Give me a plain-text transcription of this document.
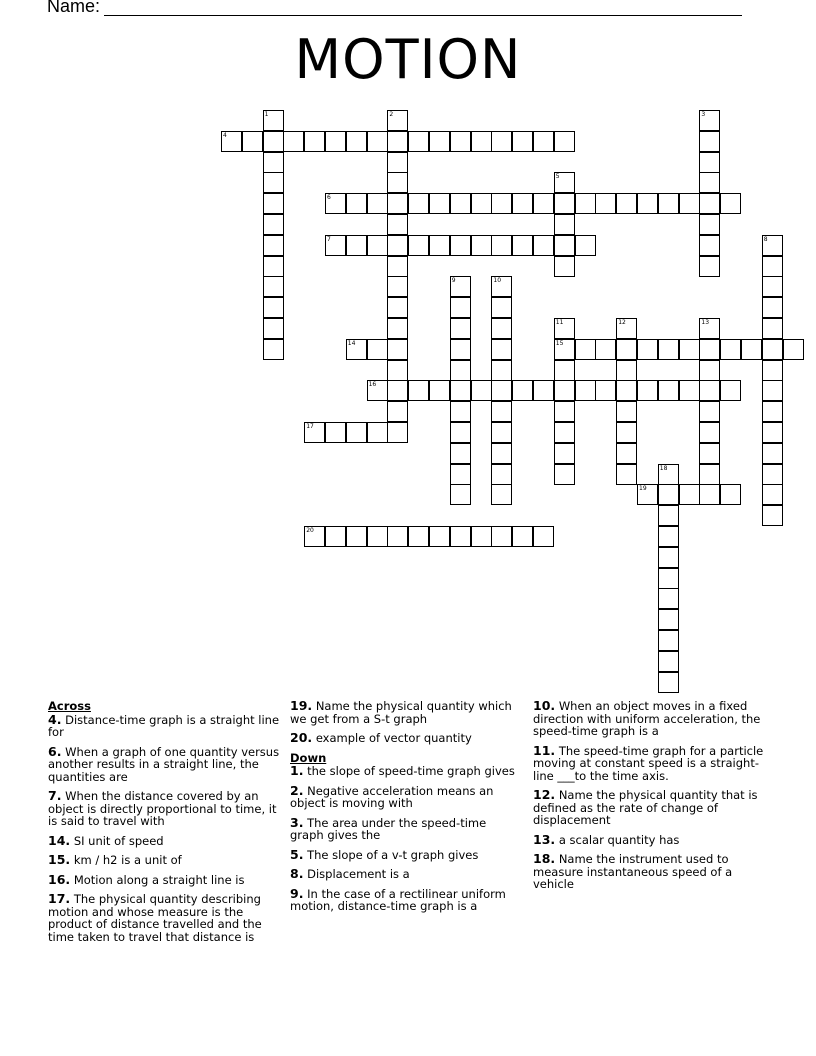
Name:
MOTION
1	2	3
4
5
6
7	8
9	10
11
15
12	13
14
16
17
18
19
20
Across
4. Distance-time graph is a straight line for
6. When a graph of one quantity versus another results in a straight line, the quantities are
7. When the distance covered by an object is directly proportional to time, it is said to travel with
14. SI unit of speed
15. km / h2 is a unit of
16. Motion along a straight line is
17. The physical quantity describing motion and whose measure is the product of distance travelled and the time taken to travel that distance is
19. Name the physical quantity which we get from a S-t graph
20. example of vector quantity
Down
1. the slope of speed-time graph gives
2. Negative acceleration means an object is moving with
3. The area under the speed-time graph gives the
5. The slope of a v-t graph gives
8. Displacement is a
9. In the case of a rectilinear uniform motion, distance-time graph is a
10. When an object moves in a fixed direction with uniform acceleration, the speed-time graph is a
11. The speed-time graph for a particle moving at constant speed is a straight-line ___to the time axis.
12. Name the physical quantity that is defined as the rate of change of displacement
13. a scalar quantity has
18. Name the instrument used to measure instantaneous speed of a vehicle
